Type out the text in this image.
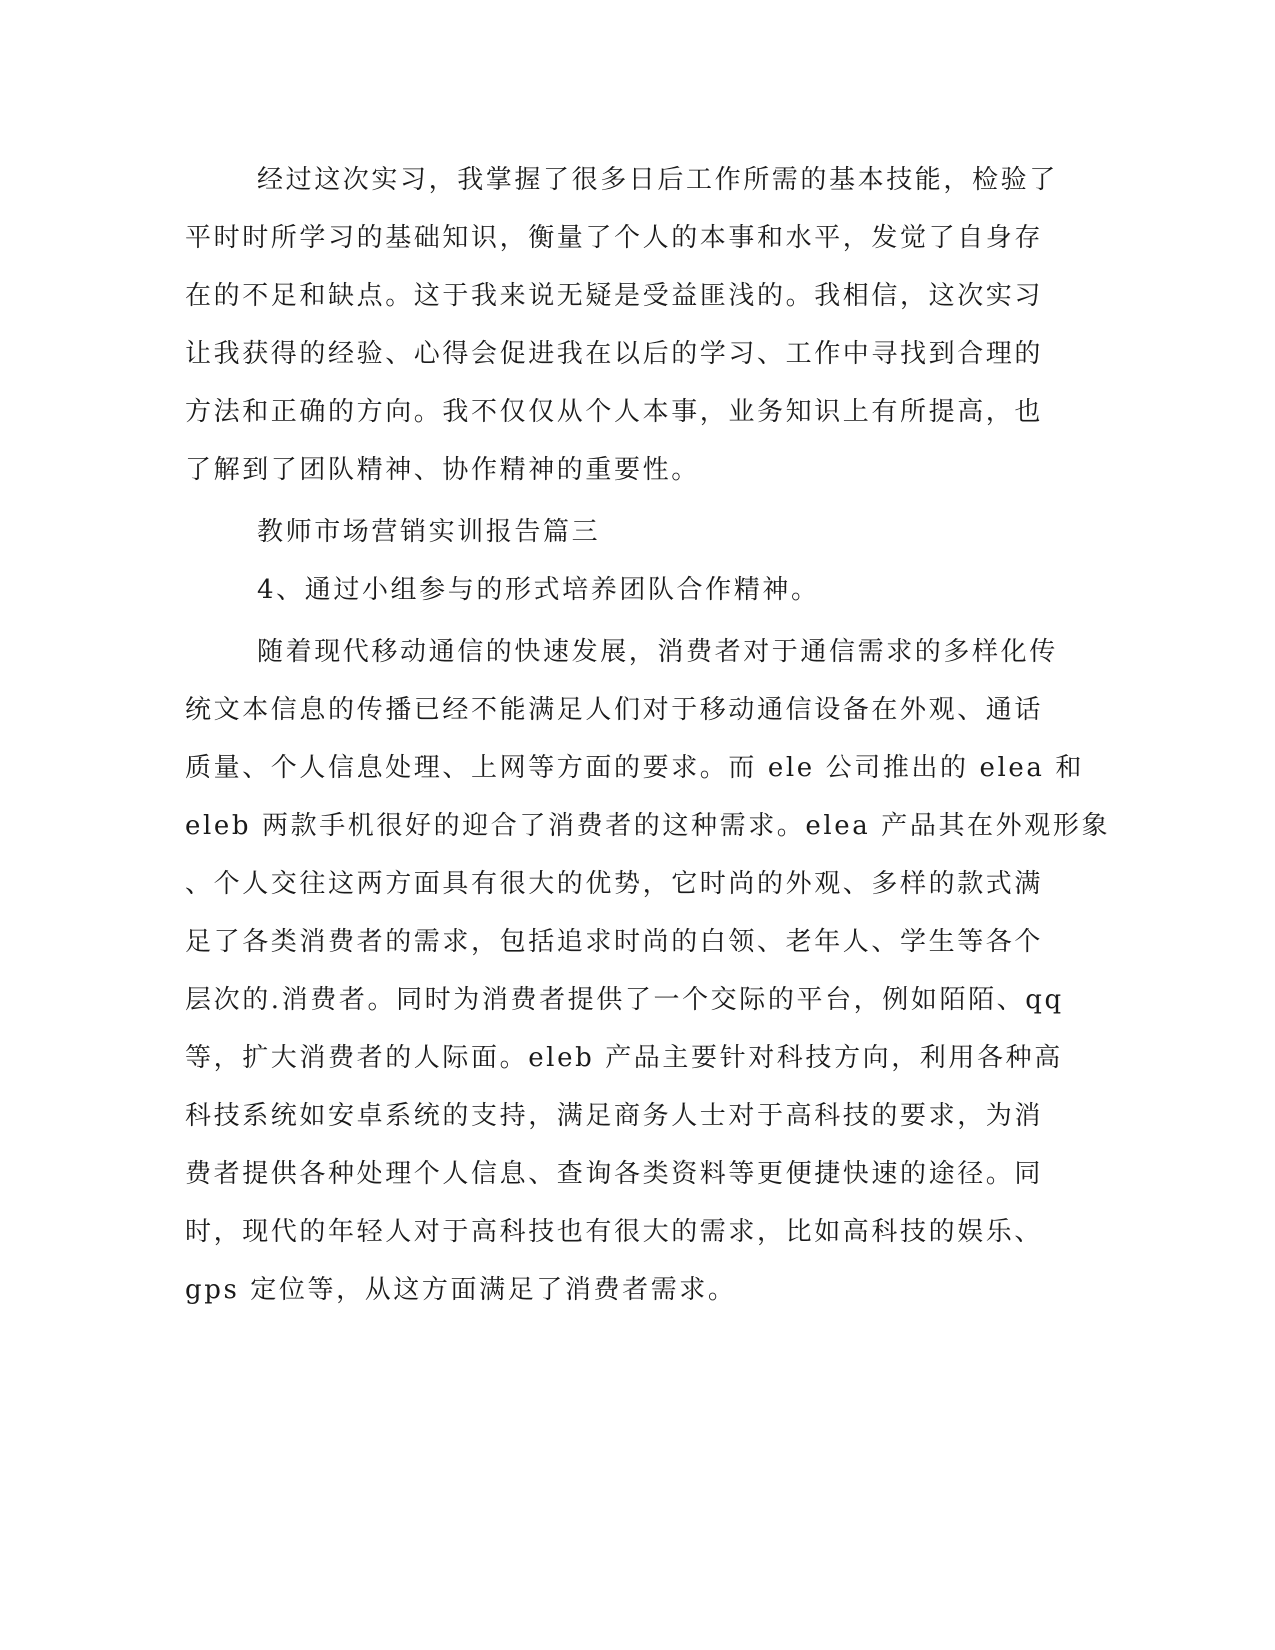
经过这次实习，我掌握了很多日后工作所需的基本技能，检验了
平时时所学习的基础知识，衡量了个人的本事和水平，发觉了自身存
在的不足和缺点。这于我来说无疑是受益匪浅的。我相信，这次实习
让我获得的经验、心得会促进我在以后的学习、工作中寻找到合理的
方法和正确的方向。我不仅仅从个人本事，业务知识上有所提高，也
了解到了团队精神、协作精神的重要性。
教师市场营销实训报告篇三
4、通过小组参与的形式培养团队合作精神。
随着现代移动通信的快速发展，消费者对于通信需求的多样化传
统文本信息的传播已经不能满足人们对于移动通信设备在外观、通话
质量、个人信息处理、上网等方面的要求。而 ele 公司推出的 elea 和
eleb 两款手机很好的迎合了消费者的这种需求。elea 产品其在外观形象
、个人交往这两方面具有很大的优势，它时尚的外观、多样的款式满
足了各类消费者的需求，包括追求时尚的白领、老年人、学生等各个
层次的.消费者。同时为消费者提供了一个交际的平台，例如陌陌、qq
等，扩大消费者的人际面。eleb 产品主要针对科技方向，利用各种高
科技系统如安卓系统的支持，满足商务人士对于高科技的要求，为消
费者提供各种处理个人信息、查询各类资料等更便捷快速的途径。同
时，现代的年轻人对于高科技也有很大的需求，比如高科技的娱乐、
gps 定位等，从这方面满足了消费者需求。
